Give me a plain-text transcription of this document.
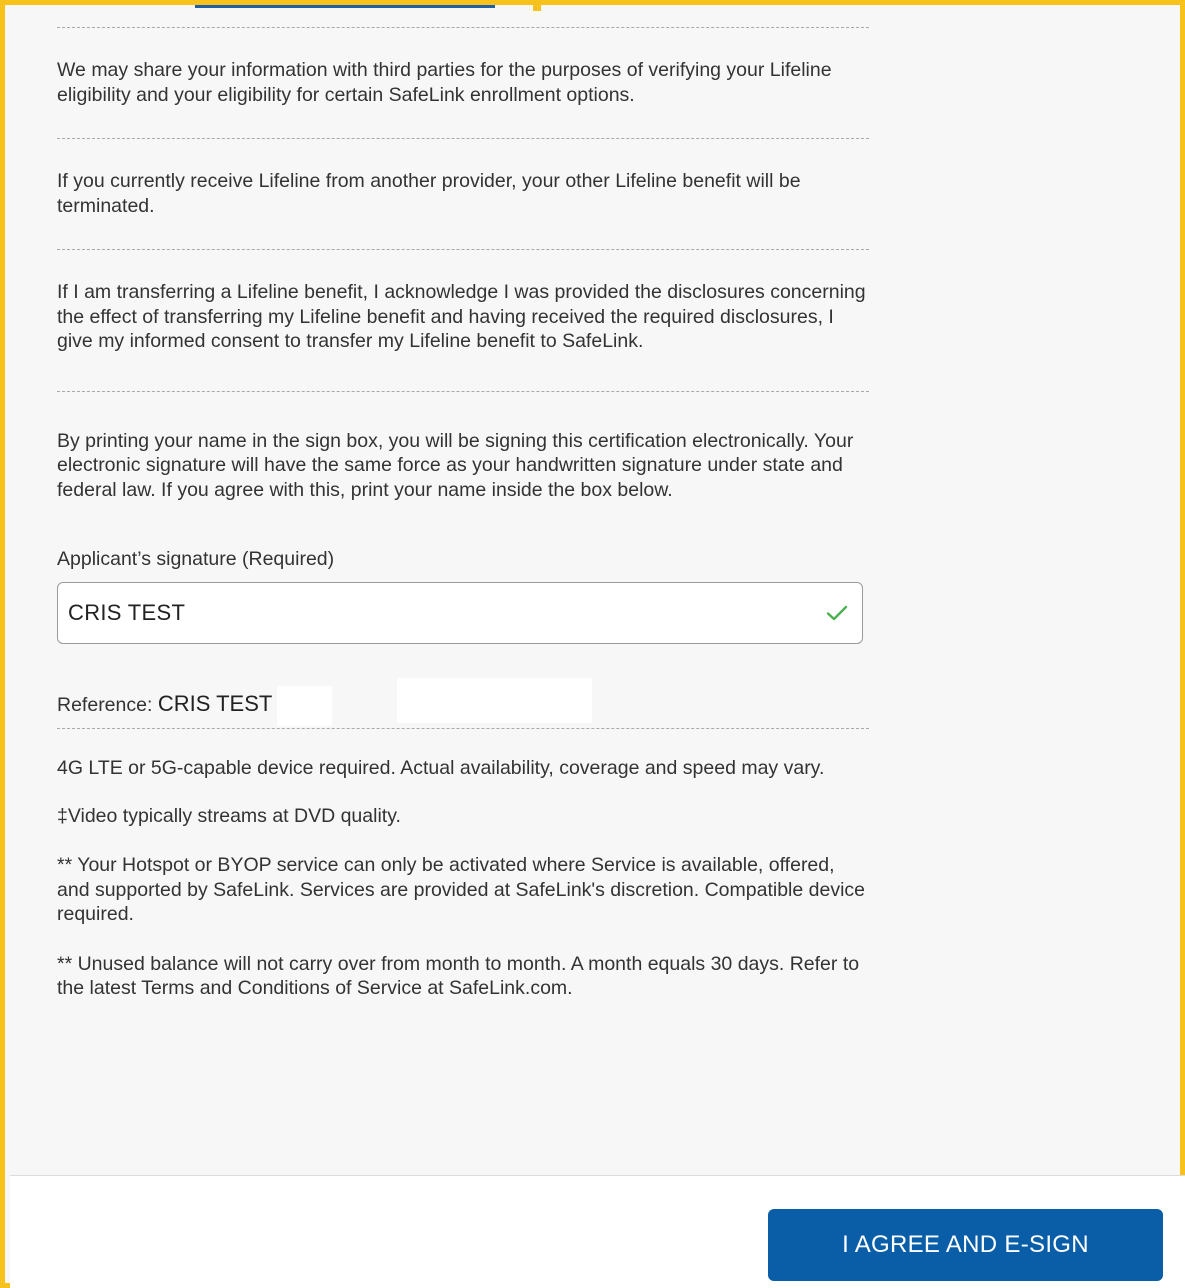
We may share your information with third parties for the purposes of verifying your Lifeline eligibility and your eligibility for certain SafeLink enrollment options.

If you currently receive Lifeline from another provider, your other Lifeline benefit will be terminated.

If I am transferring a Lifeline benefit, I acknowledge I was provided the disclosures concerning the effect of transferring my Lifeline benefit and having received the required disclosures, I give my informed consent to transfer my Lifeline benefit to SafeLink.

By printing your name in the sign box, you will be signing this certification electronically. Your electronic signature will have the same force as your handwritten signature under state and federal law. If you agree with this, print your name inside the box below.

Applicant’s signature (Required)
CRIS TEST
Reference: CRIS TEST

4G LTE or 5G-capable device required. Actual availability, coverage and speed may vary.

‡Video typically streams at DVD quality.

** Your Hotspot or BYOP service can only be activated where Service is available, offered, and supported by SafeLink. Services are provided at SafeLink's discretion. Compatible device required.

** Unused balance will not carry over from month to month. A month equals 30 days. Refer to the latest Terms and Conditions of Service at SafeLink.com.

I AGREE AND E-SIGN
